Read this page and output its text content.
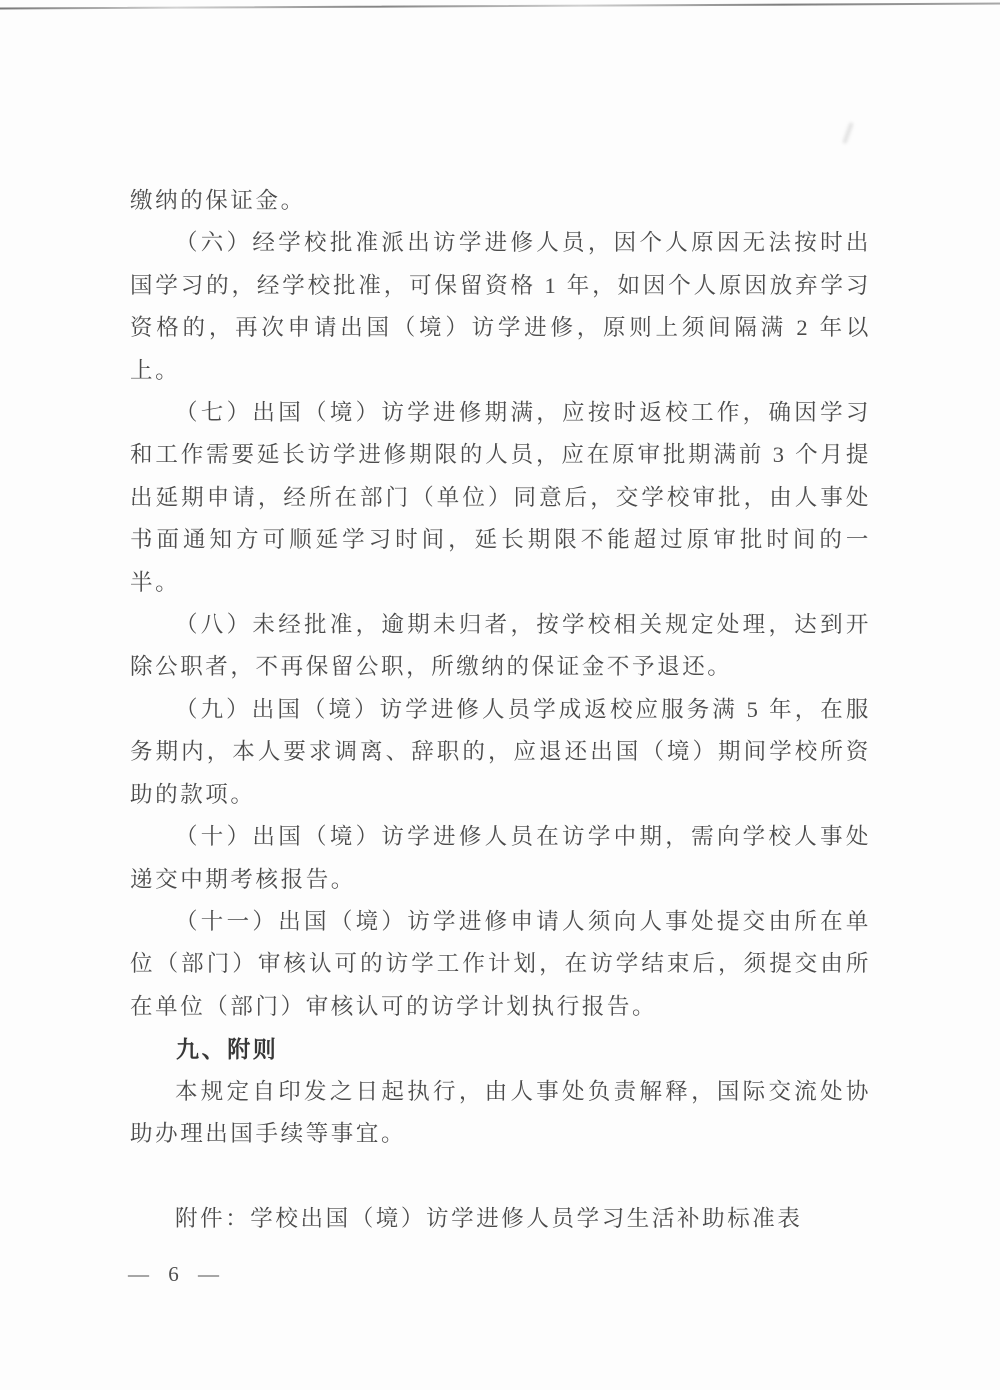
缴纳的保证金。

（六）经学校批准派出访学进修人员，因个人原因无法按时出国学习的，经学校批准，可保留资格 1 年，如因个人原因放弃学习资格的，再次申请出国（境）访学进修，原则上须间隔满 2 年以上。

（七）出国（境）访学进修期满，应按时返校工作，确因学习和工作需要延长访学进修期限的人员，应在原审批期满前 3 个月提出延期申请，经所在部门（单位）同意后，交学校审批，由人事处书面通知方可顺延学习时间，延长期限不能超过原审批时间的一半。

（八）未经批准，逾期未归者，按学校相关规定处理，达到开除公职者，不再保留公职，所缴纳的保证金不予退还。

（九）出国（境）访学进修人员学成返校应服务满 5 年，在服务期内，本人要求调离、辞职的，应退还出国（境）期间学校所资助的款项。

（十）出国（境）访学进修人员在访学中期，需向学校人事处递交中期考核报告。

（十一）出国（境）访学进修申请人须向人事处提交由所在单位（部门）审核认可的访学工作计划，在访学结束后，须提交由所在单位（部门）审核认可的访学计划执行报告。

九、附则

本规定自印发之日起执行，由人事处负责解释，国际交流处协助办理出国手续等事宜。

附件：学校出国（境）访学进修人员学习生活补助标准表

— 6 —
